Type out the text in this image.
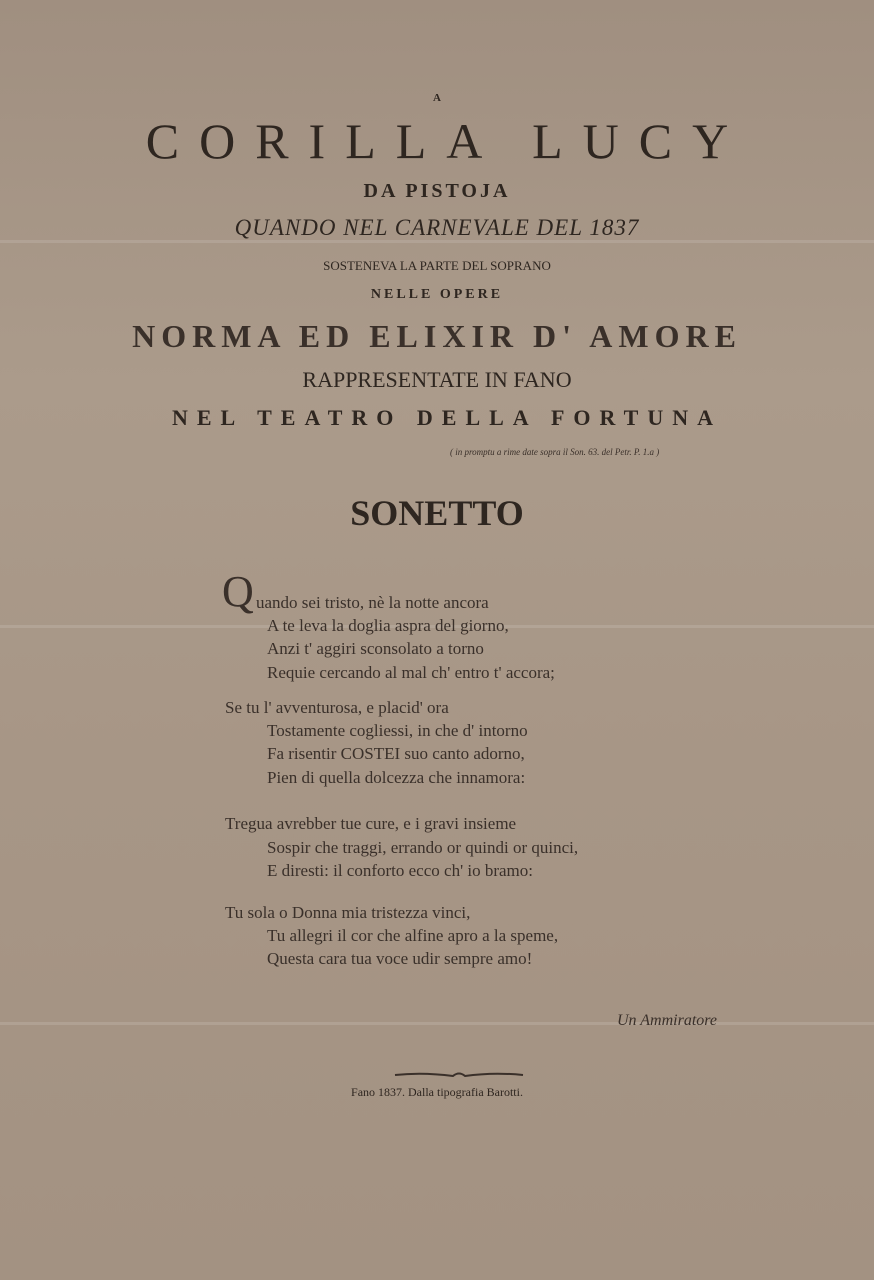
A
CORILLA LUCY
DA PISTOJA
QUANDO NEL CARNEVALE DEL 1837
SOSTENEVA LA PARTE DEL SOPRANO
NELLE OPERE
NORMA ED ELIXIR D' AMORE
RAPPRESENTATE IN FANO
NEL TEATRO DELLA FORTUNA
( in promptu a rime date sopra il Son. 63. del Petr. P. 1.a )
SONETTO
Q uando sei tristo, nè la notte ancora
A te leva la doglia aspra del giorno,
Anzi t' aggiri sconsolato a torno
Requie cercando al mal ch' entro t' accora;
Se tu l' avventurosa, e placid' ora
Tostamente cogliessi, in che d' intorno
Fa risentir COSTEI suo canto adorno,
Pien di quella dolcezza che innamora:
Tregua avrebber tue cure, e i gravi insieme
Sospir che traggi, errando or quindi or quinci,
E diresti: il conforto ecco ch' io bramo:
Tu sola o Donna mia tristezza vinci,
Tu allegri il cor che alfine apro a la speme,
Questa cara tua voce udir sempre amo!
Un Ammiratore
Fano 1837. Dalla tipografia Barotti.
